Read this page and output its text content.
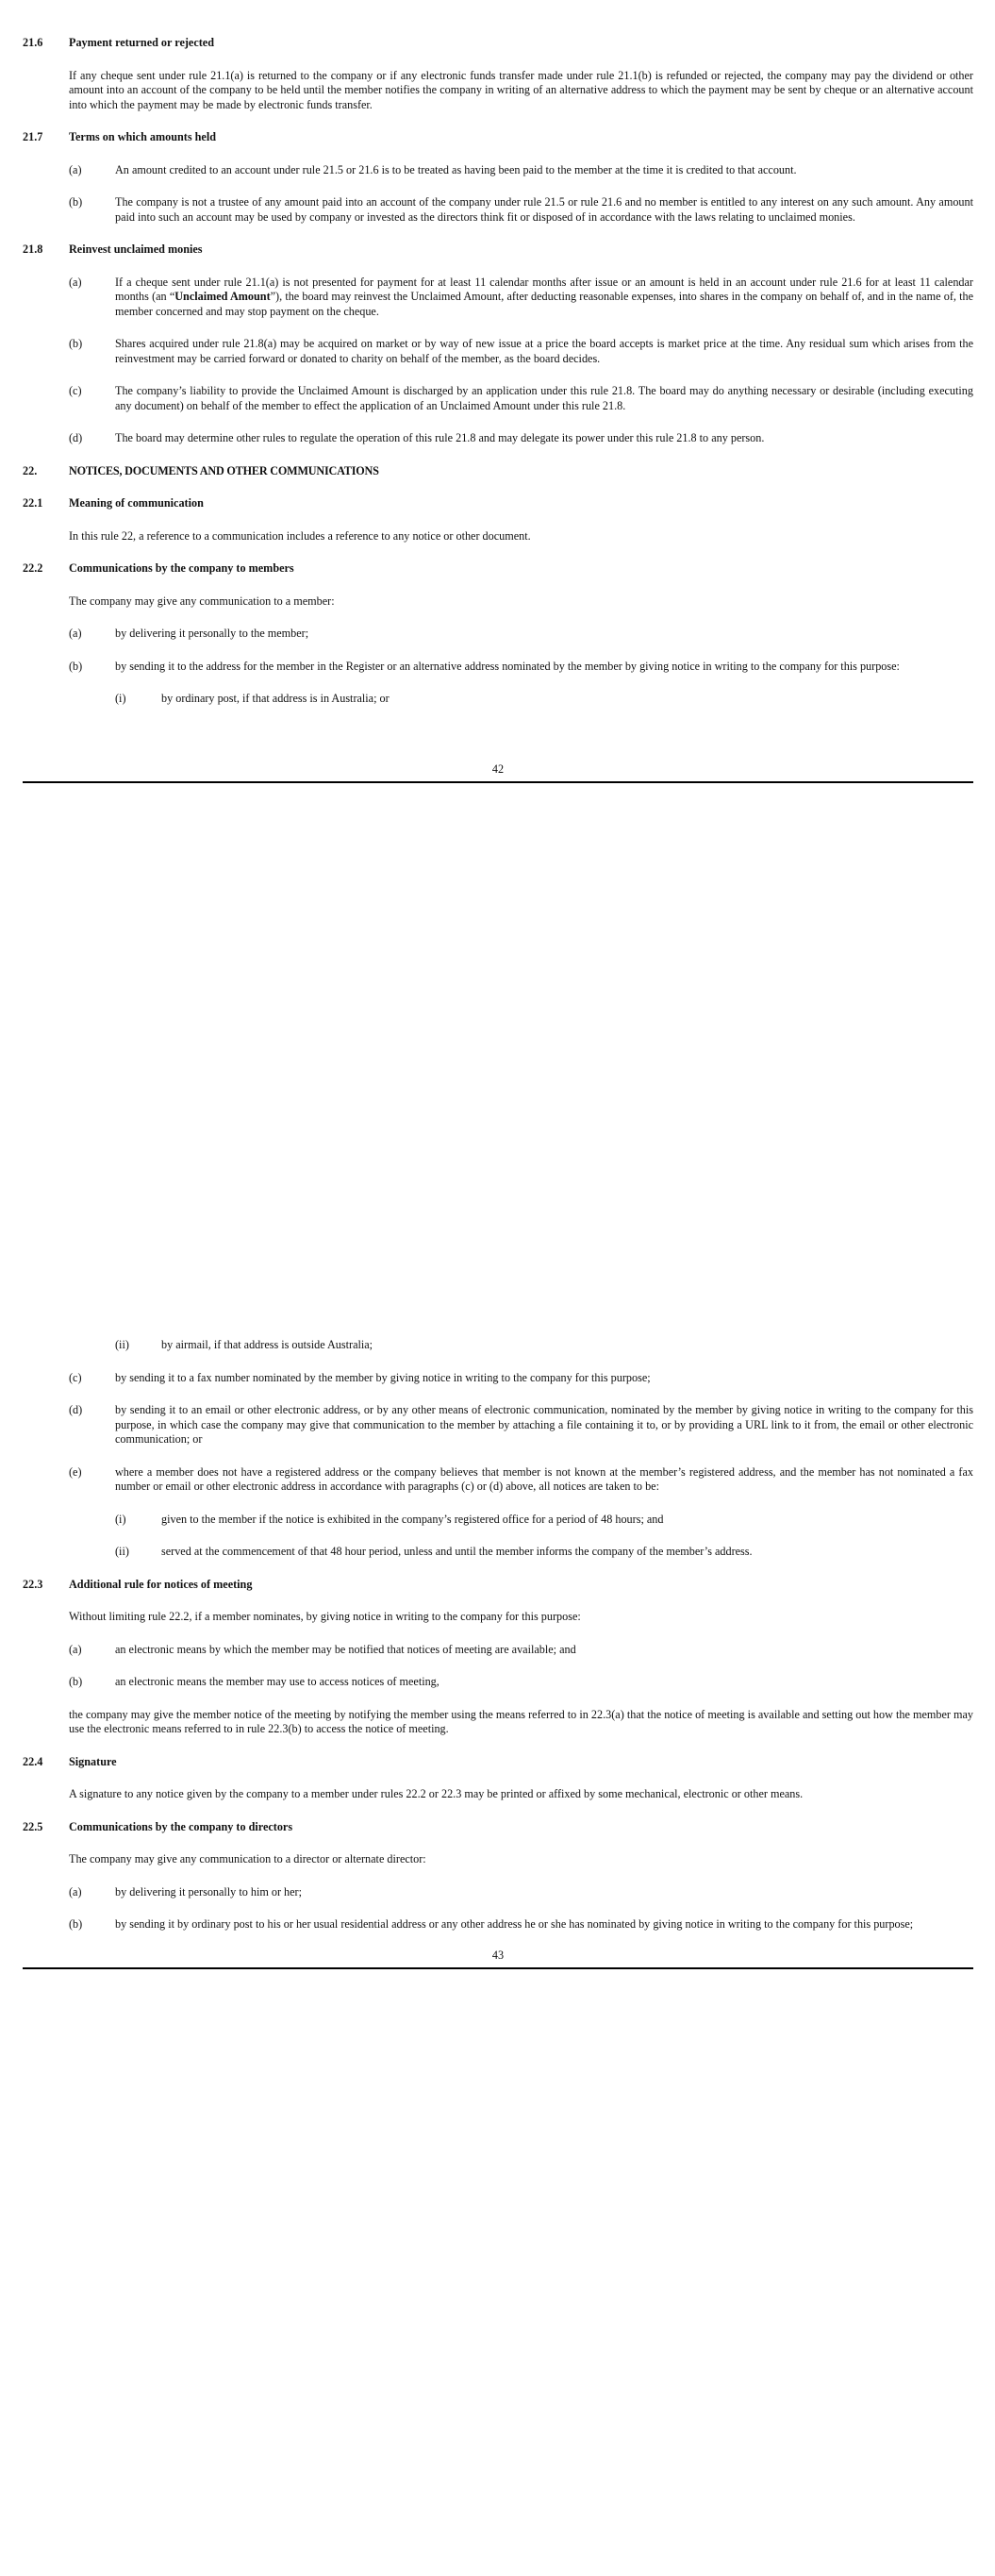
21.6	Payment returned or rejected
If any cheque sent under rule 21.1(a) is returned to the company or if any electronic funds transfer made under rule 21.1(b) is refunded or rejected, the company may pay the dividend or other amount into an account of the company to be held until the member notifies the company in writing of an alternative address to which the payment may be sent by cheque or an alternative account into which the payment may be made by electronic funds transfer.
21.7	Terms on which amounts held
(a)	An amount credited to an account under rule 21.5 or 21.6 is to be treated as having been paid to the member at the time it is credited to that account.
(b)	The company is not a trustee of any amount paid into an account of the company under rule 21.5 or rule 21.6 and no member is entitled to any interest on any such amount. Any amount paid into such an account may be used by company or invested as the directors think fit or disposed of in accordance with the laws relating to unclaimed monies.
21.8	Reinvest unclaimed monies
(a)	If a cheque sent under rule 21.1(a) is not presented for payment for at least 11 calendar months after issue or an amount is held in an account under rule 21.6 for at least 11 calendar months (an “Unclaimed Amount”), the board may reinvest the Unclaimed Amount, after deducting reasonable expenses, into shares in the company on behalf of, and in the name of, the member concerned and may stop payment on the cheque.
(b)	Shares acquired under rule 21.8(a) may be acquired on market or by way of new issue at a price the board accepts is market price at the time. Any residual sum which arises from the reinvestment may be carried forward or donated to charity on behalf of the member, as the board decides.
(c)	The company’s liability to provide the Unclaimed Amount is discharged by an application under this rule 21.8. The board may do anything necessary or desirable (including executing any document) on behalf of the member to effect the application of an Unclaimed Amount under this rule 21.8.
(d)	The board may determine other rules to regulate the operation of this rule 21.8 and may delegate its power under this rule 21.8 to any person.
22.	NOTICES, DOCUMENTS AND OTHER COMMUNICATIONS
22.1	Meaning of communication
In this rule 22, a reference to a communication includes a reference to any notice or other document.
22.2	Communications by the company to members
The company may give any communication to a member:
(a)	by delivering it personally to the member;
(b)	by sending it to the address for the member in the Register or an alternative address nominated by the member by giving notice in writing to the company for this purpose:
(i)	by ordinary post, if that address is in Australia; or
42
(ii)	by airmail, if that address is outside Australia;
(c)	by sending it to a fax number nominated by the member by giving notice in writing to the company for this purpose;
(d)	by sending it to an email or other electronic address, or by any other means of electronic communication, nominated by the member by giving notice in writing to the company for this purpose, in which case the company may give that communication to the member by attaching a file containing it to, or by providing a URL link to it from, the email or other electronic communication; or
(e)	where a member does not have a registered address or the company believes that member is not known at the member’s registered address, and the member has not nominated a fax number or email or other electronic address in accordance with paragraphs (c) or (d) above, all notices are taken to be:
(i)	given to the member if the notice is exhibited in the company’s registered office for a period of 48 hours; and
(ii)	served at the commencement of that 48 hour period, unless and until the member informs the company of the member’s address.
22.3	Additional rule for notices of meeting
Without limiting rule 22.2, if a member nominates, by giving notice in writing to the company for this purpose:
(a)	an electronic means by which the member may be notified that notices of meeting are available; and
(b)	an electronic means the member may use to access notices of meeting,
the company may give the member notice of the meeting by notifying the member using the means referred to in 22.3(a) that the notice of meeting is available and setting out how the member may use the electronic means referred to in rule 22.3(b) to access the notice of meeting.
22.4	Signature
A signature to any notice given by the company to a member under rules 22.2 or 22.3 may be printed or affixed by some mechanical, electronic or other means.
22.5	Communications by the company to directors
The company may give any communication to a director or alternate director:
(a)	by delivering it personally to him or her;
(b)	by sending it by ordinary post to his or her usual residential address or any other address he or she has nominated by giving notice in writing to the company for this purpose;
43
